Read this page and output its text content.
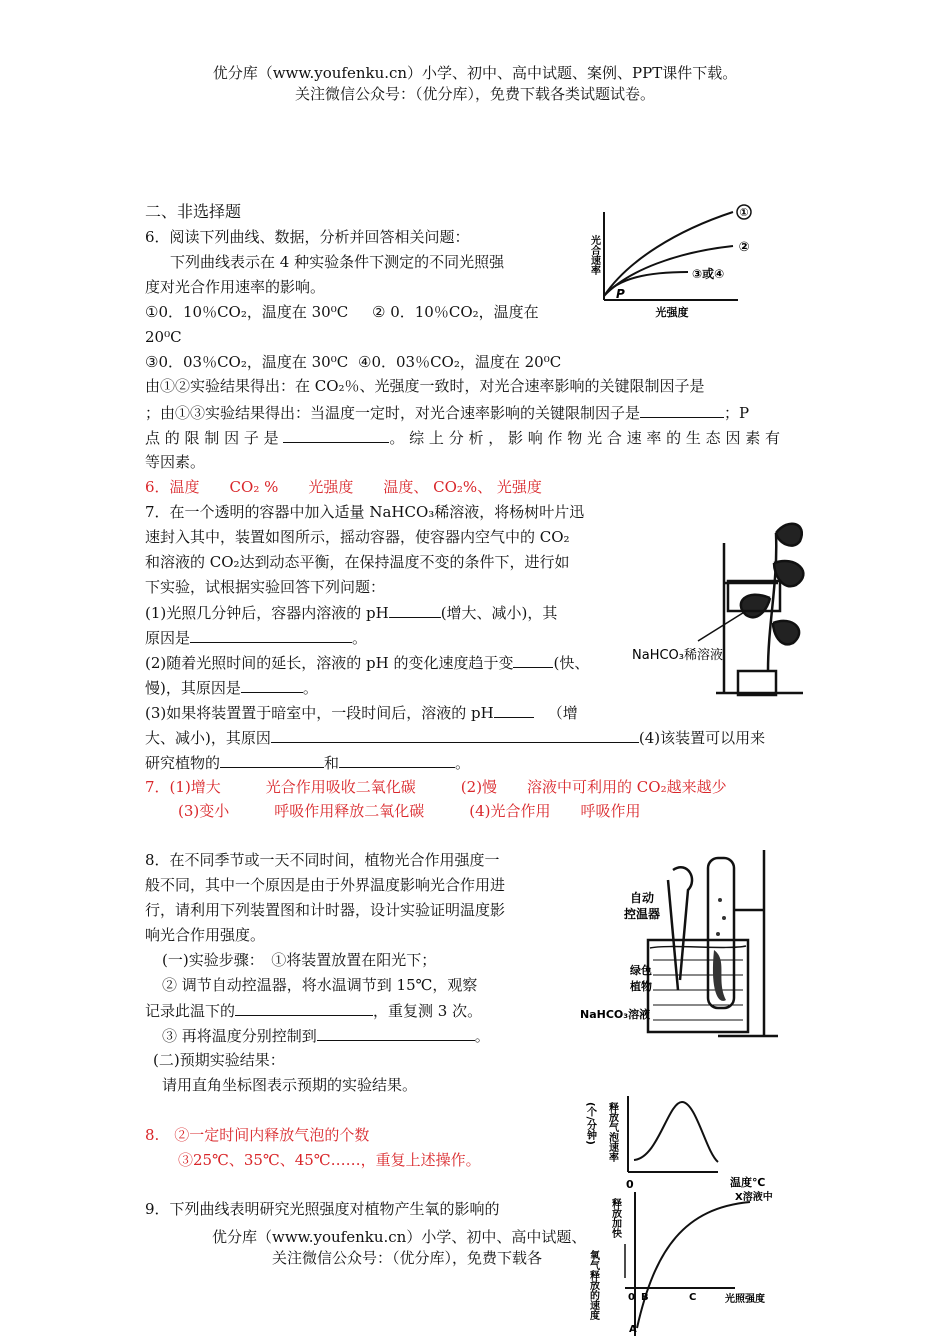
优分库（www.youfenku.cn）小学、初中、高中试题、案例、PPT课件下载。
关注微信公众号：（优分库），免费下载各类试题试卷。
二、非选择题
6．阅读下列曲线、数据，分析并回答相关问题：
下列曲线表示在 4 种实验条件下测定的不同光照强
度对光合作用速率的影响。
①0．10％CO₂，温度在 30⁰C ② 0．10％CO₂，温度在
20⁰C
③0．03％CO₂，温度在 30⁰C ④0．03％CO₂，温度在 20⁰C
由①②实验结果得出：在 CO₂％、光强度一致时，对光合速率影响的关键限制因子是
；由①③实验结果得出：当温度一定时，对光合速率影响的关键限制因子是	；P
点 的 限 制 因 子 是	。 综 上 分 析 ， 影 响 作 物 光 合 速 率 的 生 态 因 素 有
等因素。
6．温度　　CO₂ %　　光强度　　温度、 CO₂%、 光强度
①
②
③或④
P
光强度
光合速率
7．在一个透明的容器中加入适量 NaHCO₃稀溶液，将杨树叶片迅
速封入其中，装置如图所示，摇动容器，使容器内空气中的 CO₂
和溶液的 CO₂达到动态平衡，在保持温度不变的条件下，进行如
下实验，试根据实验回答下列问题：
(1)光照几分钟后，容器内溶液的 pH	(增大、减小)，其
原因是	。
(2)随着光照时间的延长，溶液的 pH 的变化速度趋于变	(快、
慢)，其原因是	。
(3)如果将装置置于暗室中，一段时间后，溶液的 pH	（增
大、减小)，其原因	(4)该装置可以用来
研究植物的	和	。
7．(1)增大　　　光合作用吸收二氧化碳　　　(2)慢　　溶液中可利用的 CO₂越来越少
(3)变小　　　呼吸作用释放二氧化碳　　　(4)光合作用　　呼吸作用
NaHCO₃稀溶液
8．在不同季节或一天不同时间，植物光合作用强度一
般不同，其中一个原因是由于外界温度影响光合作用进
行，请利用下列装置图和计时器，设计实验证明温度影
响光合作用强度。
(一)实验步骤：　①将装置放置在阳光下；
② 调节自动控温器，将水温调节到 15℃，观察
记录此温下的	，重复测 3 次。
③ 再将温度分别控制到	。
(二)预期实验结果：
请用直角坐标图表示预期的实验结果。
8.　②一定时间内释放气泡的个数
③25℃、35℃、45℃……，重复上述操作。
自动
控温器
绿色
植物
NaHCO₃溶液
(个/分钟) 释放气泡速率
0	温度℃
9．下列曲线表明研究光照强度对植物产生氧的影响的	释放加快
氧气释放的速度
X溶液中
0 B	C
A
光照强度
优分库（www.youfenku.cn）小学、初中、高中试题、
关注微信公众号：（优分库），免费下载各
